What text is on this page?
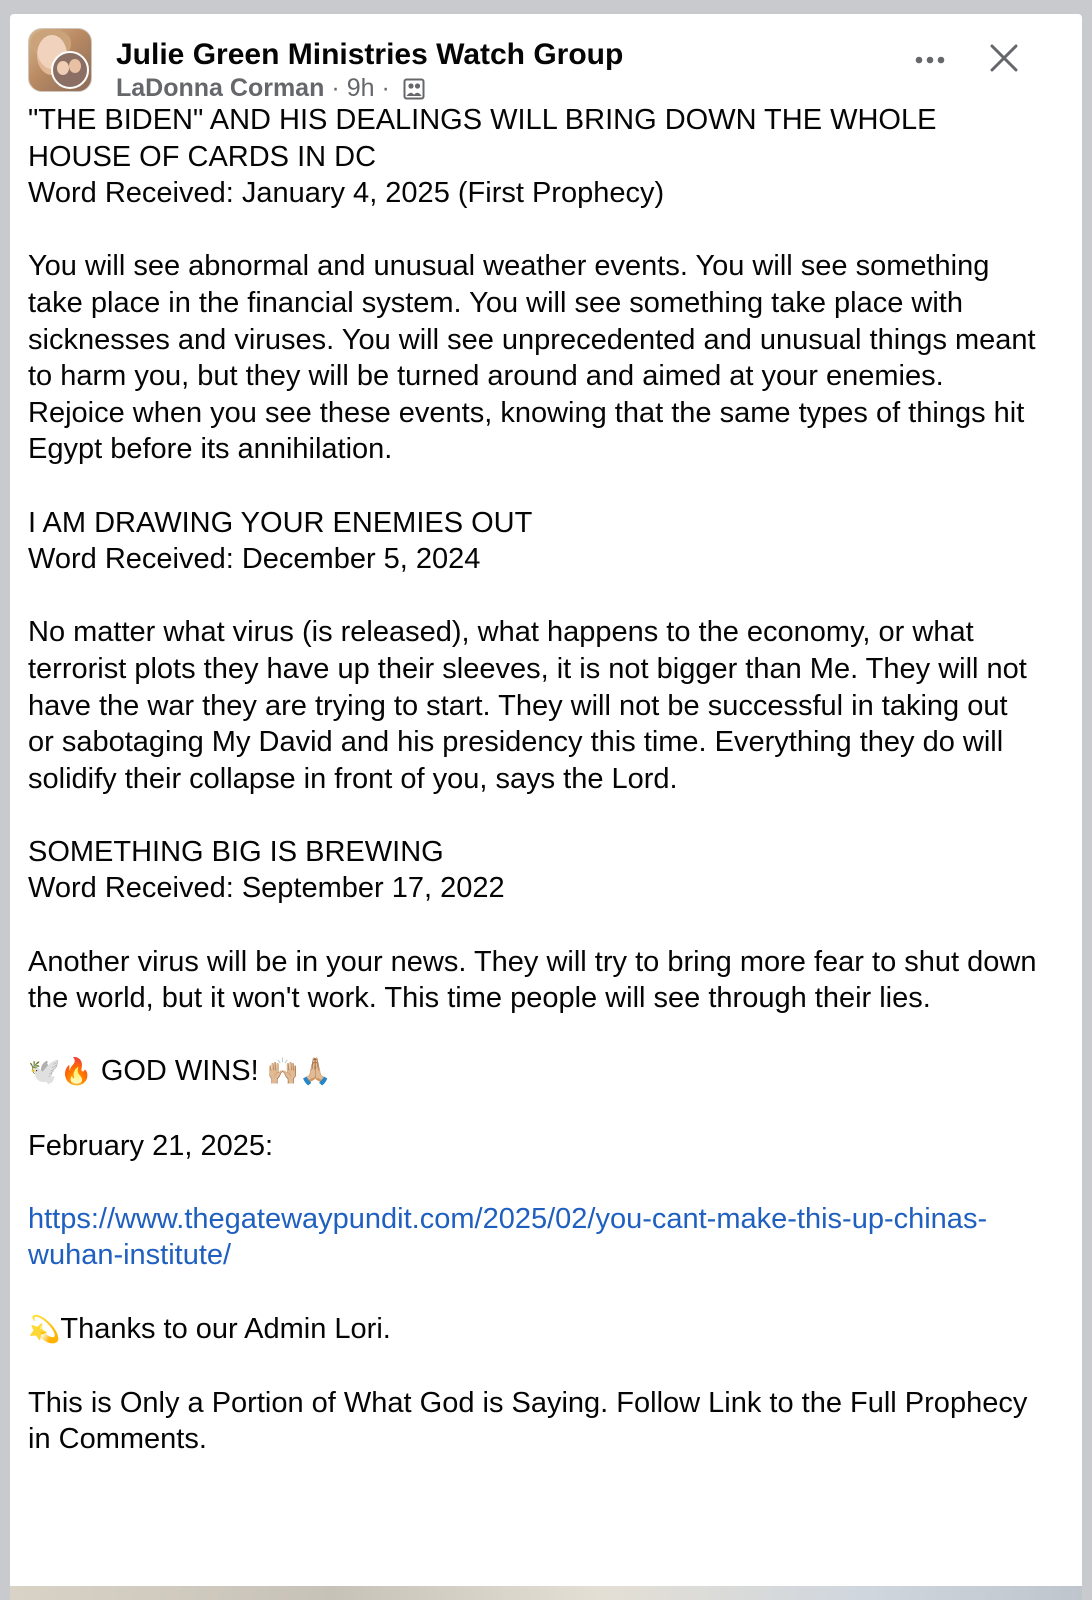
Julie Green Ministries Watch Group
LaDonna Corman · 9h ·

"THE BIDEN" AND HIS DEALINGS WILL BRING DOWN THE WHOLE
HOUSE OF CARDS IN DC
Word Received: January 4, 2025 (First Prophecy)

You will see abnormal and unusual weather events. You will see something take place in the financial system. You will see something take place with sicknesses and viruses. You will see unprecedented and unusual things meant to harm you, but they will be turned around and aimed at your enemies. Rejoice when you see these events, knowing that the same types of things hit Egypt before its annihilation.

I AM DRAWING YOUR ENEMIES OUT
Word Received: December 5, 2024

No matter what virus (is released), what happens to the economy, or what terrorist plots they have up their sleeves, it is not bigger than Me. They will not have the war they are trying to start. They will not be successful in taking out or sabotaging My David and his presidency this time. Everything they do will solidify their collapse in front of you, says the Lord.

SOMETHING BIG IS BREWING
Word Received: September 17, 2022

Another virus will be in your news. They will try to bring more fear to shut down the world, but it won't work. This time people will see through their lies.

🕊️🔥 GOD WINS! 🙌🏼🙏🏼

February 21, 2025:

https://www.thegatewaypundit.com/2025/02/you-cant-make-this-up-chinas-wuhan-institute/

💫Thanks to our Admin Lori.

This is Only a Portion of What God is Saying. Follow Link to the Full Prophecy in Comments.
